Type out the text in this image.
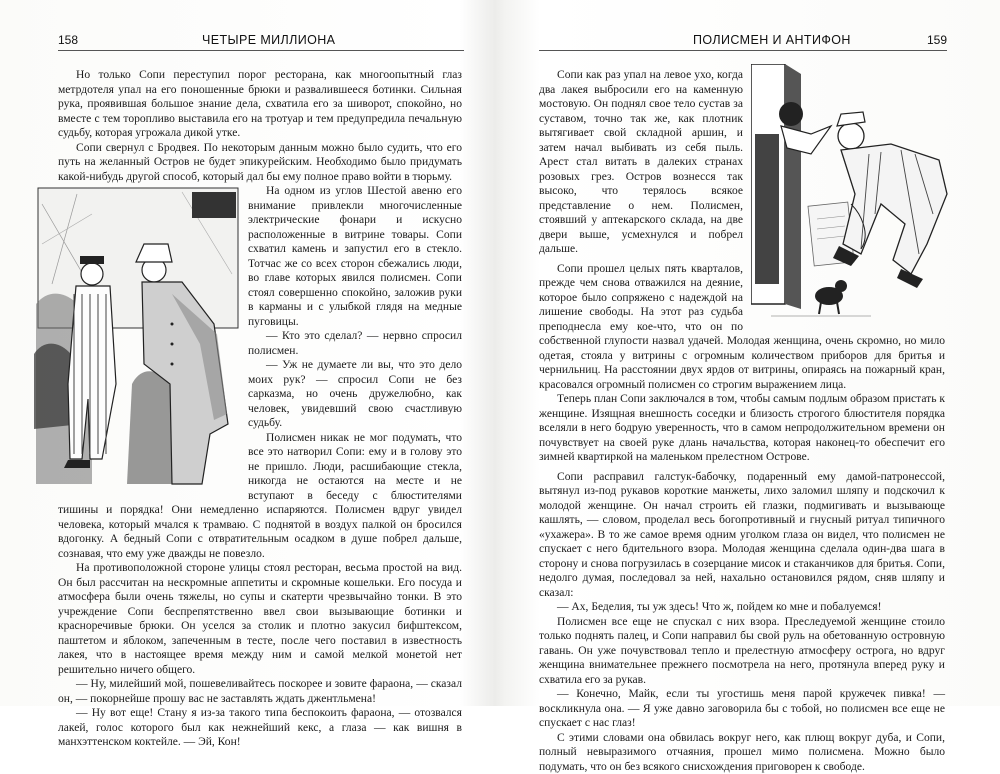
158	ЧЕТЫРЕ МИЛЛИОНА

Но только Сопи переступил порог ресторана, как многоопытный глаз метрдотеля упал на его поношенные брюки и развалившееся ботинки. Сильная рука, проявившая большое знание дела, схватила его за шиворот, спокойно, но вместе с тем торопливо выставила его на тротуар и тем предупредила печальную судьбу, которая угрожала дикой утке.

Сопи свернул с Бродвея. По некоторым данным можно было судить, что его путь на желанный Остров не будет эпикурейским. Необходимо было придумать какой-нибудь другой способ, который дал бы ему полное право войти в тюрьму.

На одном из углов Шестой авеню его внимание привлекли многочисленные электрические фонари и искусно расположенные в витрине товары. Сопи схватил камень и запустил его в стекло. Тотчас же со всех сторон сбежались люди, во главе которых явился полисмен. Сопи стоял совершенно спокойно, заложив руки в карманы и с улыбкой глядя на медные пуговицы.

— Кто это сделал? — нервно спросил полисмен.

— Уж не думаете ли вы, что это дело моих рук? — спросил Сопи не без сарказма, но очень дружелюбно, как человек, увидевший свою счастливую судьбу.

Полисмен никак не мог подумать, что все это натворил Сопи: ему и в голову это не пришло. Люди, расшибающие стекла, никогда не остаются на месте и не вступают в беседу с блюстителями тишины и порядка! Они немедленно испаряются. Полисмен вдруг увидел человека, который мчался к трамваю. С поднятой в воздух палкой он бросился вдогонку. А бедный Сопи с отвратительным осадком в душе побрел дальше, сознавая, что ему уже дважды не повезло.

На противоположной стороне улицы стоял ресторан, весьма простой на вид. Он был рассчитан на нескромные аппетиты и скромные кошельки. Его посуда и атмосфера были очень тяжелы, но супы и скатерти чрезвычайно тонки. В это учреждение Сопи беспрепятственно ввел свои вызывающие ботинки и красноречивые брюки. Он уселся за столик и плотно закусил бифштексом, паштетом и яблоком, запеченным в тесте, после чего поставил в известность лакея, что в настоящее время между ним и самой мелкой монетой нет решительно ничего общего.

— Ну, милейший мой, пошевеливайтесь поскорее и зовите фараона, — сказал он, — покорнейше прошу вас не заставлять ждать джентльмена!

— Ну вот еще! Стану я из-за такого типа беспокоить фараона, — отозвался лакей, голос которого был как нежнейший кекс, а глаза — как вишня в манхэттенском коктейле. — Эй, Кон!

ПОЛИСМЕН И АНТИФОН	159

Сопи как раз упал на левое ухо, когда два лакея выбросили его на каменную мостовую. Он поднял свое тело сустав за суставом, точно так же, как плотник вытягивает свой складной аршин, и затем начал выбивать из себя пыль. Арест стал витать в далеких странах розовых грез. Остров вознесся так высоко, что терялось всякое представление о нем. Полисмен, стоявший у аптекарского склада, на две двери выше, усмехнулся и побрел дальше.

Сопи прошел целых пять кварталов, прежде чем снова отважился на деяние, которое было сопряжено с надеждой на лишение свободы. На этот раз судьба преподнесла ему кое-что, что он по собственной глупости назвал удачей. Молодая женщина, очень скромно, но мило одетая, стояла у витрины с огромным количеством приборов для бритья и чернильниц. На расстоянии двух ярдов от витрины, опираясь на пожарный кран, красовался огромный полисмен со строгим выражением лица.

Теперь план Сопи заключался в том, чтобы самым подлым образом пристать к женщине. Изящная внешность соседки и близость строгого блюстителя порядка вселяли в него бодрую уверенность, что в самом непродолжительном времени он почувствует на своей руке длань начальства, которая наконец-то обеспечит его зимней квартиркой на маленьком прелестном Острове.

Сопи расправил галстук-бабочку, подаренный ему дамой-патронессой, вытянул из-под рукавов короткие манжеты, лихо заломил шляпу и подскочил к молодой женщине. Он начал строить ей глазки, подмигивать и вызывающе кашлять, — словом, проделал весь богопротивный и гнусный ритуал типичного «ухажера». В то же самое время одним уголком глаза он видел, что полисмен не спускает с него бдительного взора. Молодая женщина сделала один-два шага в сторону и снова погрузилась в созерцание мисок и стаканчиков для бритья. Сопи, недолго думая, последовал за ней, нахально остановился рядом, сняв шляпу и сказал:

— Ах, Беделия, ты уж здесь! Что ж, пойдем ко мне и побалуемся!

Полисмен все еще не спускал с них взора. Преследуемой женщине стоило только поднять палец, и Сопи направил бы свой руль на обетованную островную гавань. Он уже почувствовал тепло и прелестную атмосферу острога, но вдруг женщина внимательнее прежнего посмотрела на него, протянула вперед руку и схватила его за рукав.

— Конечно, Майк, если ты угостишь меня парой кружечек пивка! — воскликнула она. — Я уже давно заговорила бы с тобой, но полисмен все еще не спускает с нас глаз!

С этими словами она обвилась вокруг него, как плющ вокруг дуба, и Сопи, полный невыразимого отчаяния, прошел мимо полисмена. Можно было подумать, что он без всякого снисхождения приговорен к свободе.
